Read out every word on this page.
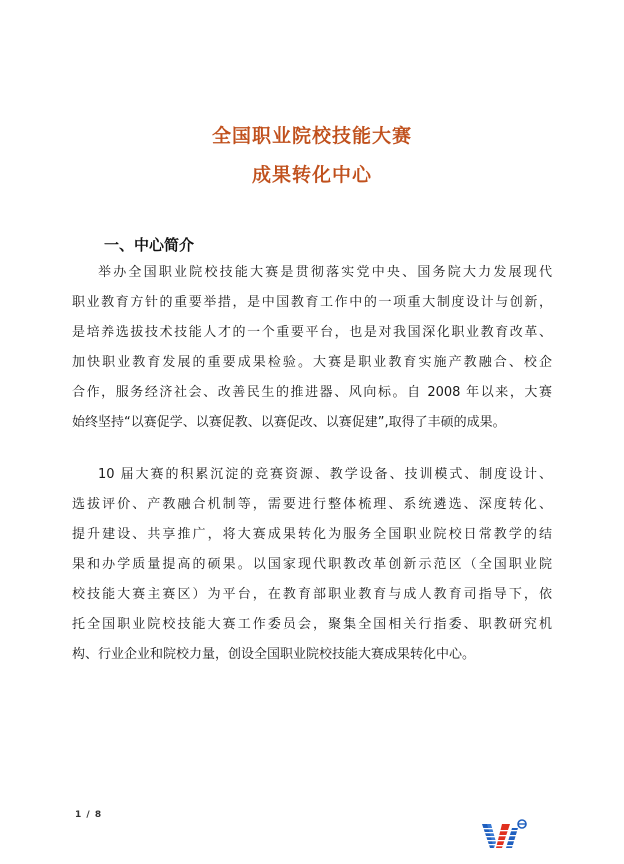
全国职业院校技能大赛
成果转化中心
一、中心简介
举办全国职业院校技能大赛是贯彻落实党中央、国务院大力发展现代
职业教育方针的重要举措，是中国教育工作中的一项重大制度设计与创新，
是培养选拔技术技能人才的一个重要平台，也是对我国深化职业教育改革、
加快职业教育发展的重要成果检验。大赛是职业教育实施产教融合、校企
合作，服务经济社会、改善民生的推进器、风向标。自 2008 年以来，大赛
始终坚持“以赛促学、以赛促教、以赛促改、以赛促建”,取得了丰硕的成果。
10 届大赛的积累沉淀的竞赛资源、教学设备、技训模式、制度设计、
选拔评价、产教融合机制等，需要进行整体梳理、系统遴选、深度转化、
提升建设、共享推广，将大赛成果转化为服务全国职业院校日常教学的结
果和办学质量提高的硕果。以国家现代职教改革创新示范区（全国职业院
校技能大赛主赛区）为平台，在教育部职业教育与成人教育司指导下，依
托全国职业院校技能大赛工作委员会，聚集全国相关行指委、职教研究机
构、行业企业和院校力量，创设全国职业院校技能大赛成果转化中心。
1 / 8
